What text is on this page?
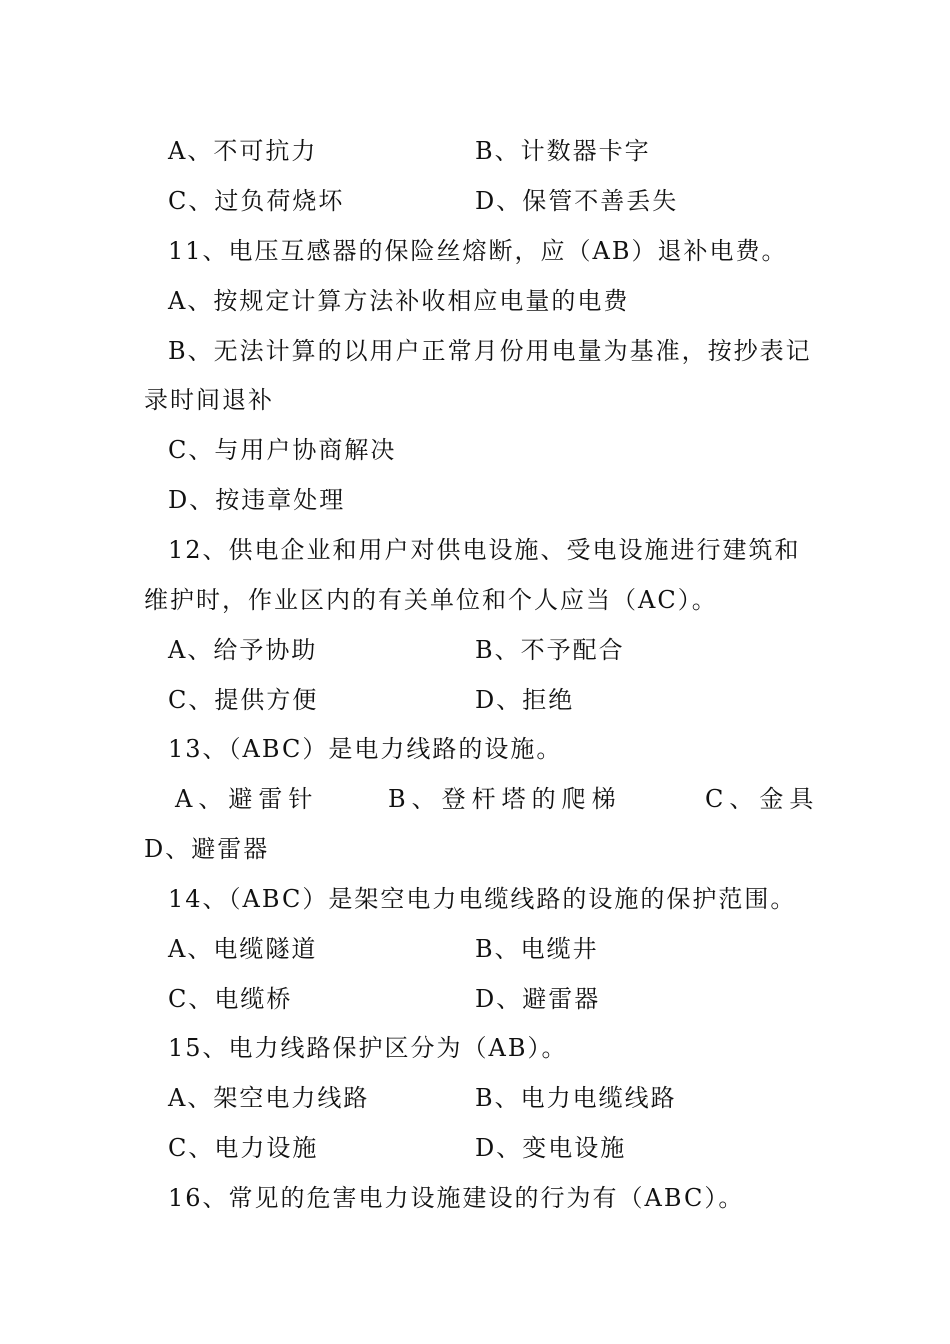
A、不可抗力	B、计数器卡字
C、过负荷烧坏	D、保管不善丢失
11、电压互感器的保险丝熔断，应（AB）退补电费。
A、按规定计算方法补收相应电量的电费
B、无法计算的以用户正常月份用电量为基准，按抄表记
录时间退补
C、与用户协商解决
D、按违章处理
12、供电企业和用户对供电设施、受电设施进行建筑和
维护时，作业区内的有关单位和个人应当（AC）。
A、给予协助	B、不予配合
C、提供方便	D、拒绝
13、（ABC）是电力线路的设施。
A、避雷针	B、登杆塔的爬梯	C、金具
D、避雷器
14、（ABC）是架空电力电缆线路的设施的保护范围。
A、电缆隧道	B、电缆井
C、电缆桥	D、避雷器
15、电力线路保护区分为（AB）。
A、架空电力线路	B、电力电缆线路
C、电力设施	D、变电设施
16、常见的危害电力设施建设的行为有（ABC）。
